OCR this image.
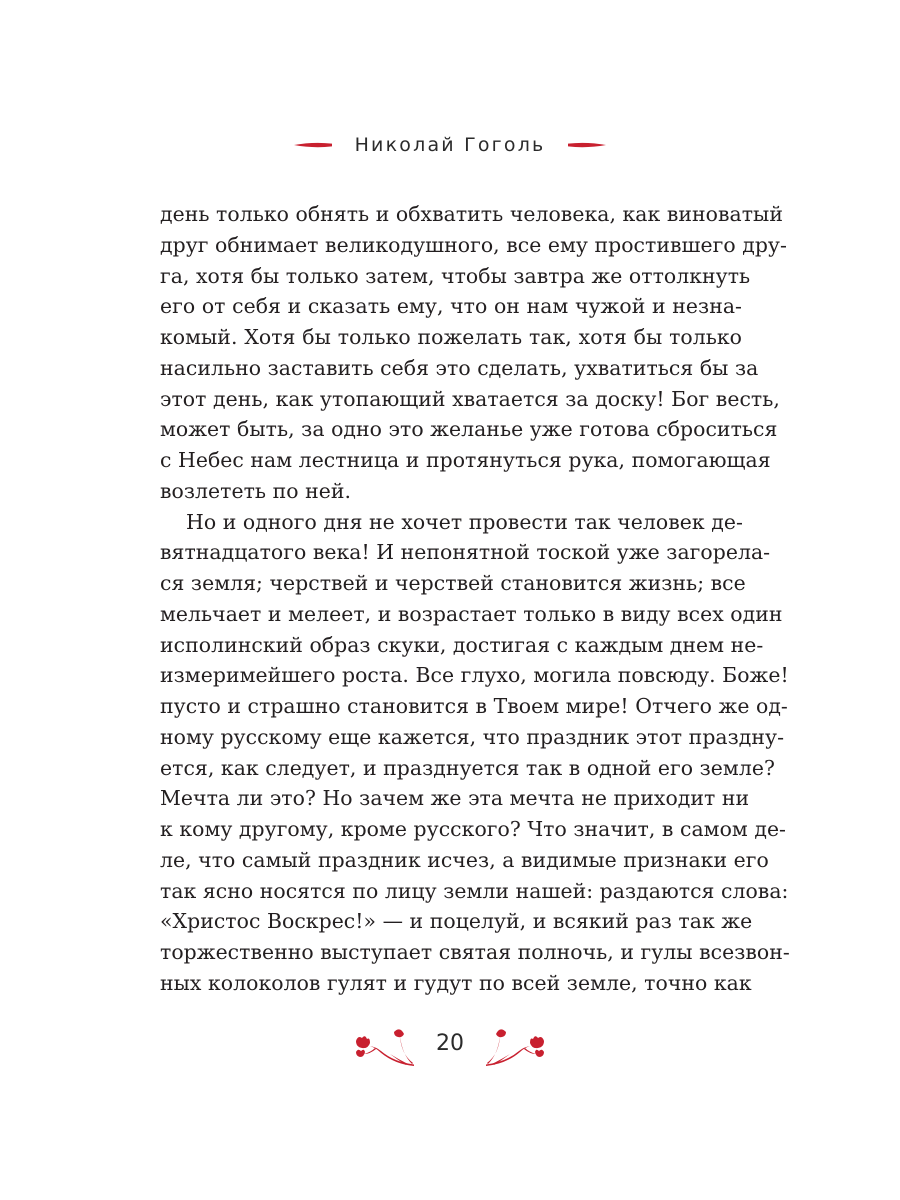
Николай Гоголь
день только обнять и обхватить человека, как виноватый
друг обнимает великодушного, все ему простившего дру-
га, хотя бы только затем, чтобы завтра же оттолкнуть
его от себя и сказать ему, что он нам чужой и незна-
комый. Хотя бы только пожелать так, хотя бы только
насильно заставить себя это сделать, ухватиться бы за
этот день, как утопающий хватается за доску! Бог весть,
может быть, за одно это желанье уже готова сброситься
с Небес нам лестница и протянуться рука, помогающая
возлететь по ней.
Но и одного дня не хочет провести так человек де-
вятнадцатого века! И непонятной тоской уже загорела-
ся земля; черствей и черствей становится жизнь; все
мельчает и мелеет, и возрастает только в виду всех один
исполинский образ скуки, достигая с каждым днем не-
измеримейшего роста. Все глухо, могила повсюду. Боже!
пусто и страшно становится в Твоем мире! Отчего же од-
ному русскому еще кажется, что праздник этот праздну-
ется, как следует, и празднуется так в одной его земле?
Мечта ли это? Но зачем же эта мечта не приходит ни
к кому другому, кроме русского? Что значит, в самом де-
ле, что самый праздник исчез, а видимые признаки его
так ясно носятся по лицу земли нашей: раздаются слова:
«Христос Воскрес!» — и поцелуй, и всякий раз так же
торжественно выступает святая полночь, и гулы всезвон-
ных колоколов гулят и гудут по всей земле, точно как
20
